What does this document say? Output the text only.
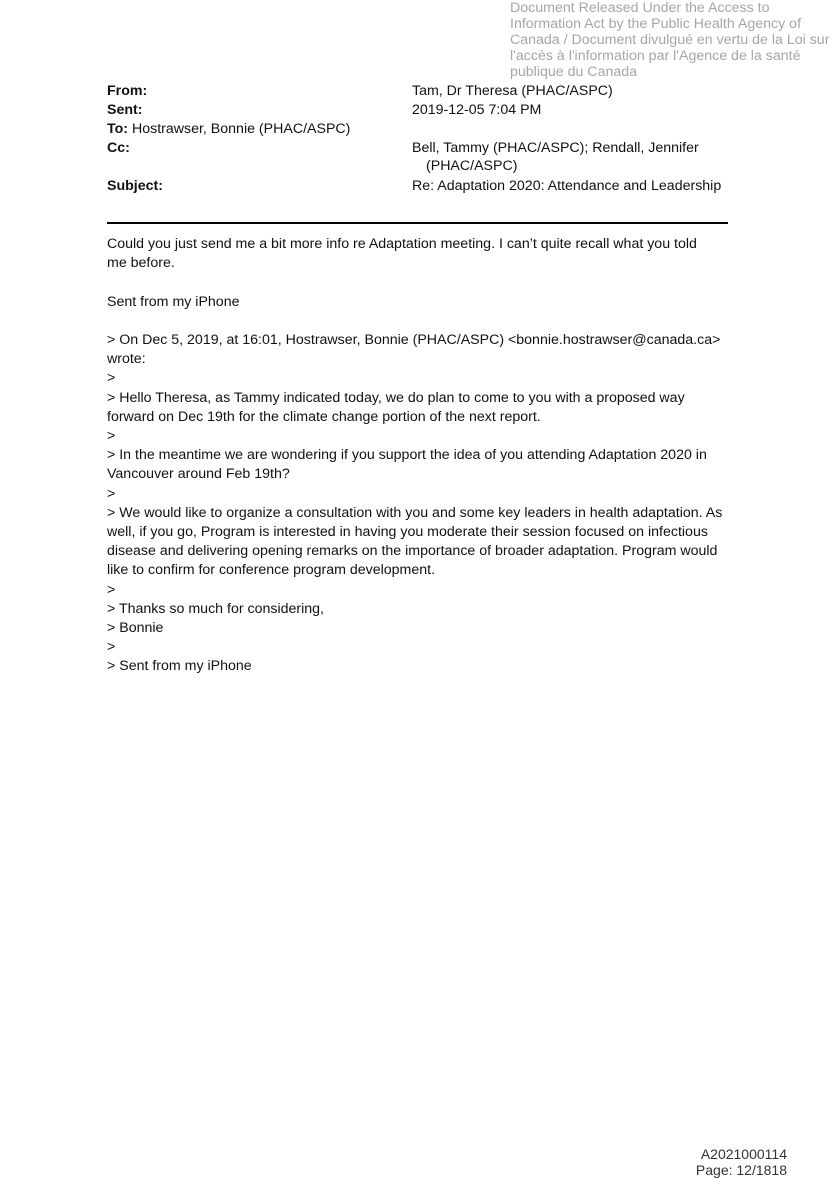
Document Released Under the Access to
Information Act by the Public Health Agency of
Canada / Document divulgué en vertu de la Loi sur
l'accès à l'information par l'Agence de la santé
publique du Canada
From:	Tam, Dr Theresa (PHAC/ASPC)
Sent:	2019-12-05 7:04 PM
To: Hostrawser, Bonnie (PHAC/ASPC)
Cc:	Bell, Tammy (PHAC/ASPC); Rendall, Jennifer
(PHAC/ASPC)
Subject:	Re: Adaptation 2020: Attendance and Leadership
Could you just send me a bit more info re Adaptation meeting. I can’t quite recall what you told
me before.
Sent from my iPhone
> On Dec 5, 2019, at 16:01, Hostrawser, Bonnie (PHAC/ASPC) <bonnie.hostrawser@canada.ca>
wrote:
>
> Hello Theresa, as Tammy indicated today, we do plan to come to you with a proposed way
forward on Dec 19th for the climate change portion of the next report.
>
> In the meantime we are wondering if you support the idea of you attending Adaptation 2020 in
Vancouver around Feb 19th?
>
> We would like to organize a consultation with you and some key leaders in health adaptation. As
well, if you go, Program is interested in having you moderate their session focused on infectious
disease and delivering opening remarks on the importance of broader adaptation. Program would
like to confirm for conference program development.
>
> Thanks so much for considering,
> Bonnie
>
> Sent from my iPhone
A2021000114
Page: 12/1818
